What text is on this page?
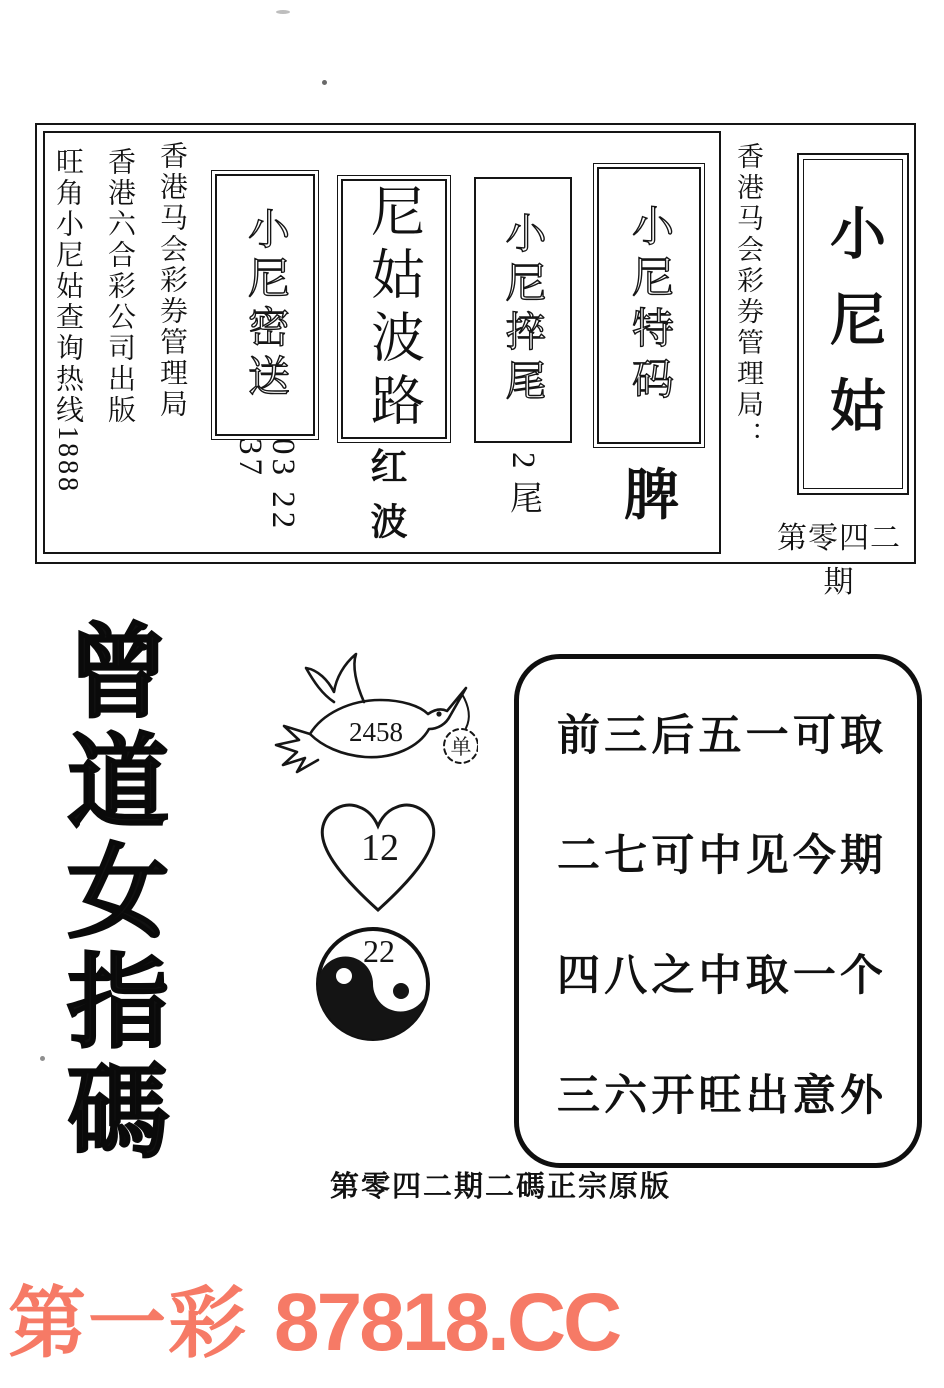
旺角小尼姑查询热线1888 香港六合彩公司出版 香港马会彩券管理局 小尼密送
03 22 37
尼姑波路
红波
小尼捽尾
2尾
小尼特码
脾
香港马会彩券管理局： 小尼姑
第零四二期
曾道女指碼	2458 单
12
22
前三后五一可取
二七可中见今期
四八之中取一个
三六开旺出意外
第零四二期二碼正宗原版
第一彩 87818.CC
